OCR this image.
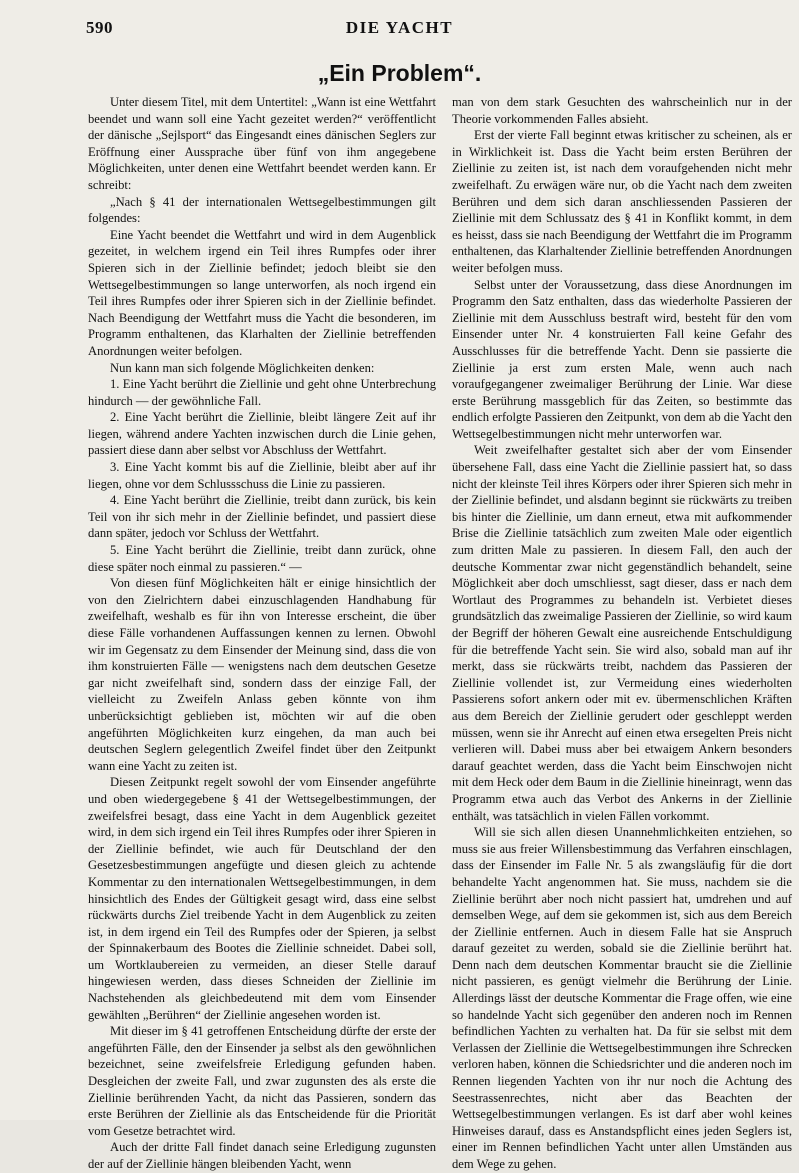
590	DIE YACHT
„Ein Problem“.

Unter diesem Titel, mit dem Untertitel: „Wann ist eine Wettfahrt beendet und wann soll eine Yacht gezeitet werden?“ veröffentlicht der dänische „Sejlsport“ das Eingesandt eines dänischen Seglers zur Eröffnung einer Aussprache über fünf von ihm angegebene Möglichkeiten, unter denen eine Wettfahrt beendet werden kann. Er schreibt:

„Nach § 41 der internationalen Wettsegelbestimmungen gilt folgendes:

Eine Yacht beendet die Wettfahrt und wird in dem Augenblick gezeitet, in welchem irgend ein Teil ihres Rumpfes oder ihrer Spieren sich in der Ziellinie befindet; jedoch bleibt sie den Wettsegelbestimmungen so lange unterworfen, als noch irgend ein Teil ihres Rumpfes oder ihrer Spieren sich in der Ziellinie befindet. Nach Beendigung der Wettfahrt muss die Yacht die besonderen, im Programm enthaltenen, das Klarhalten der Ziellinie betreffenden Anordnungen weiter befolgen.

Nun kann man sich folgende Möglichkeiten denken:

1. Eine Yacht berührt die Ziellinie und geht ohne Unterbrechung hindurch — der gewöhnliche Fall.

2. Eine Yacht berührt die Ziellinie, bleibt längere Zeit auf ihr liegen, während andere Yachten inzwischen durch die Linie gehen, passiert diese dann aber selbst vor Abschluss der Wettfahrt.

3. Eine Yacht kommt bis auf die Ziellinie, bleibt aber auf ihr liegen, ohne vor dem Schlussschuss die Linie zu passieren.

4. Eine Yacht berührt die Ziellinie, treibt dann zurück, bis kein Teil von ihr sich mehr in der Ziellinie befindet, und passiert diese dann später, jedoch vor Schluss der Wettfahrt.

5. Eine Yacht berührt die Ziellinie, treibt dann zurück, ohne diese später noch einmal zu passieren.“ —

Von diesen fünf Möglichkeiten hält er einige hinsichtlich der von den Zielrichtern dabei einzuschlagenden Handhabung für zweifelhaft, weshalb es für ihn von Interesse erscheint, die über diese Fälle vorhandenen Auffassungen kennen zu lernen. Obwohl wir im Gegensatz zu dem Einsender der Meinung sind, dass die von ihm konstruierten Fälle — wenigstens nach dem deutschen Gesetze gar nicht zweifelhaft sind, sondern dass der einzige Fall, der vielleicht zu Zweifeln Anlass geben könnte von ihm unberücksichtigt geblieben ist, möchten wir auf die oben angeführten Möglichkeiten kurz eingehen, da man auch bei deutschen Seglern gelegentlich Zweifel findet über den Zeitpunkt wann eine Yacht zu zeiten ist.

Diesen Zeitpunkt regelt sowohl der vom Einsender angeführte und oben wiedergegebene § 41 der Wettsegelbestimmungen, der zweifelsfrei besagt, dass eine Yacht in dem Augenblick gezeitet wird, in dem sich irgend ein Teil ihres Rumpfes oder ihrer Spieren in der Ziellinie befindet, wie auch für Deutschland der den Gesetzesbestimmungen angefügte und diesen gleich zu achtende Kommentar zu den internationalen Wettsegelbestimmungen, in dem hinsichtlich des Endes der Gültigkeit gesagt wird, dass eine selbst rückwärts durchs Ziel treibende Yacht in dem Augenblick zu zeiten ist, in dem irgend ein Teil des Rumpfes oder der Spieren, ja selbst der Spinnakerbaum des Bootes die Ziellinie schneidet. Dabei soll, um Wortklaubereien zu vermeiden, an dieser Stelle darauf hingewiesen werden, dass dieses Schneiden der Ziellinie im Nachstehenden als gleichbedeutend mit dem vom Einsender gewählten „Berühren“ der Ziellinie angesehen worden ist.

Mit dieser im § 41 getroffenen Entscheidung dürfte der erste der angeführten Fälle, den der Einsender ja selbst als den gewöhnlichen bezeichnet, seine zweifelsfreie Erledigung gefunden haben. Desgleichen der zweite Fall, und zwar zugunsten des als erste die Ziellinie berührenden Yacht, da nicht das Passieren, sondern das erste Berühren der Ziellinie als das Entscheidende für die Priorität vom Gesetze betrachtet wird.

Auch der dritte Fall findet danach seine Erledigung zugunsten der auf der Ziellinie hängen bleibenden Yacht, wenn

man von dem stark Gesuchten des wahrscheinlich nur in der Theorie vorkommenden Falles absieht.

Erst der vierte Fall beginnt etwas kritischer zu scheinen, als er in Wirklichkeit ist. Dass die Yacht beim ersten Berühren der Ziellinie zu zeiten ist, ist nach dem voraufgehenden nicht mehr zweifelhaft. Zu erwägen wäre nur, ob die Yacht nach dem zweiten Berühren und dem sich daran anschliessenden Passieren der Ziellinie mit dem Schlussatz des § 41 in Konflikt kommt, in dem es heisst, dass sie nach Beendigung der Wettfahrt die im Programm enthaltenen, das Klarhaltender Ziellinie betreffenden Anordnungen weiter befolgen muss.

Selbst unter der Voraussetzung, dass diese Anordnungen im Programm den Satz enthalten, dass das wiederholte Passieren der Ziellinie mit dem Ausschluss bestraft wird, besteht für den vom Einsender unter Nr. 4 konstruierten Fall keine Gefahr des Ausschlusses für die betreffende Yacht. Denn sie passierte die Ziellinie ja erst zum ersten Male, wenn auch nach voraufgegangener zweimaliger Berührung der Linie. War diese erste Berührung massgeblich für das Zeiten, so bestimmte das endlich erfolgte Passieren den Zeitpunkt, von dem ab die Yacht den Wettsegelbestimmungen nicht mehr unterworfen war.

Weit zweifelhafter gestaltet sich aber der vom Einsender übersehene Fall, dass eine Yacht die Ziellinie passiert hat, so dass nicht der kleinste Teil ihres Körpers oder ihrer Spieren sich mehr in der Ziellinie befindet, und alsdann beginnt sie rückwärts zu treiben bis hinter die Ziellinie, um dann erneut, etwa mit aufkommender Brise die Ziellinie tatsächlich zum zweiten Male oder eigentlich zum dritten Male zu passieren. In diesem Fall, den auch der deutsche Kommentar zwar nicht gegenständlich behandelt, seine Möglichkeit aber doch umschliesst, sagt dieser, dass er nach dem Wortlaut des Programmes zu behandeln ist. Verbietet dieses grundsätzlich das zweimalige Passieren der Ziellinie, so wird kaum der Begriff der höheren Gewalt eine ausreichende Entschuldigung für die betreffende Yacht sein. Sie wird also, sobald man auf ihr merkt, dass sie rückwärts treibt, nachdem das Passieren der Ziellinie vollendet ist, zur Vermeidung eines wiederholten Passierens sofort ankern oder mit ev. übermenschlichen Kräften aus dem Bereich der Ziellinie gerudert oder geschleppt werden müssen, wenn sie ihr Anrecht auf einen etwa ersegelten Preis nicht verlieren will. Dabei muss aber bei etwaigem Ankern besonders darauf geachtet werden, dass die Yacht beim Einschwojen nicht mit dem Heck oder dem Baum in die Ziellinie hineinragt, wenn das Programm etwa auch das Verbot des Ankerns in der Ziellinie enthält, was tatsächlich in vielen Fällen vorkommt.

Will sie sich allen diesen Unannehmlichkeiten entziehen, so muss sie aus freier Willensbestimmung das Verfahren einschlagen, dass der Einsender im Falle Nr. 5 als zwangsläufig für die dort behandelte Yacht angenommen hat. Sie muss, nachdem sie die Ziellinie berührt aber noch nicht passiert hat, umdrehen und auf demselben Wege, auf dem sie gekommen ist, sich aus dem Bereich der Ziellinie entfernen. Auch in diesem Falle hat sie Anspruch darauf gezeitet zu werden, sobald sie die Ziellinie berührt hat. Denn nach dem deutschen Kommentar braucht sie die Ziellinie nicht passieren, es genügt vielmehr die Berührung der Linie. Allerdings lässt der deutsche Kommentar die Frage offen, wie eine so handelnde Yacht sich gegenüber den anderen noch im Rennen befindlichen Yachten zu verhalten hat. Da für sie selbst mit dem Verlassen der Ziellinie die Wettsegelbestimmungen ihre Schrecken verloren haben, können die Schiedsrichter und die anderen noch im Rennen liegenden Yachten von ihr nur noch die Achtung des Seestrassenrechtes, nicht aber das Beachten der Wettsegelbestimmungen verlangen. Es ist darf aber wohl keines Hinweises darauf, dass es Anstandspflicht eines jeden Seglers ist, einer im Rennen befindlichen Yacht unter allen Umständen aus dem Wege zu gehen.
